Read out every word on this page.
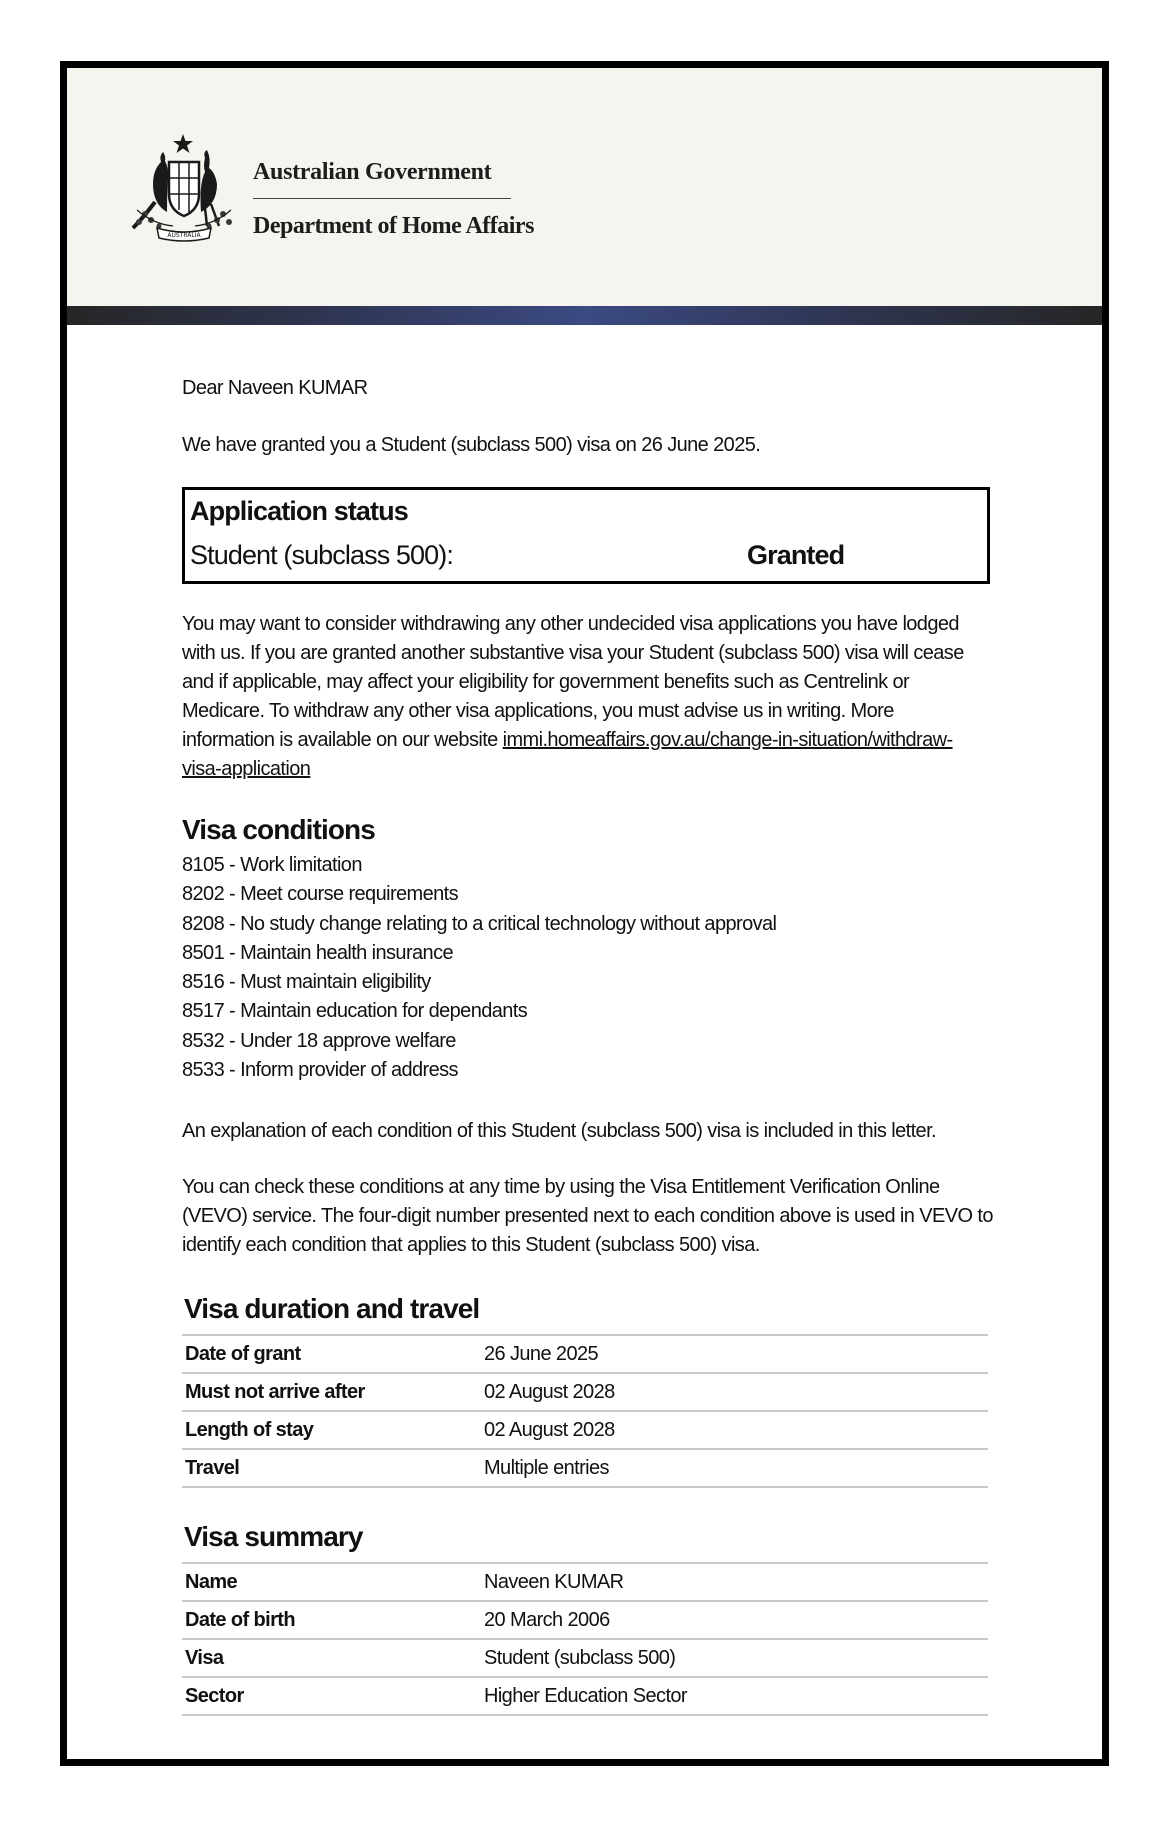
AUSTRALIA
Australian Government
Department of Home Affairs

Dear Naveen KUMAR

We have granted you a Student (subclass 500) visa on 26 June 2025.

Application status
Student (subclass 500):	Granted

You may want to consider withdrawing any other undecided visa applications you have lodged with us. If you are granted another substantive visa your Student (subclass 500) visa will cease and if applicable, may affect your eligibility for government benefits such as Centrelink or Medicare. To withdraw any other visa applications, you must advise us in writing. More information is available on our website immi.homeaffairs.gov.au/change-in-situation/withdraw-visa-application

Visa conditions
8105 - Work limitation
8202 - Meet course requirements
8208 - No study change relating to a critical technology without approval
8501 - Maintain health insurance
8516 - Must maintain eligibility
8517 - Maintain education for dependants
8532 - Under 18 approve welfare
8533 - Inform provider of address

An explanation of each condition of this Student (subclass 500) visa is included in this letter.

You can check these conditions at any time by using the Visa Entitlement Verification Online (VEVO) service. The four-digit number presented next to each condition above is used in VEVO to identify each condition that applies to this Student (subclass 500) visa.

Visa duration and travel
Date of grant	26 June 2025
Must not arrive after	02 August 2028
Length of stay	02 August 2028
Travel	Multiple entries
Visa summary
Name	Naveen KUMAR
Date of birth	20 March 2006
Visa	Student (subclass 500)
Sector	Higher Education Sector
